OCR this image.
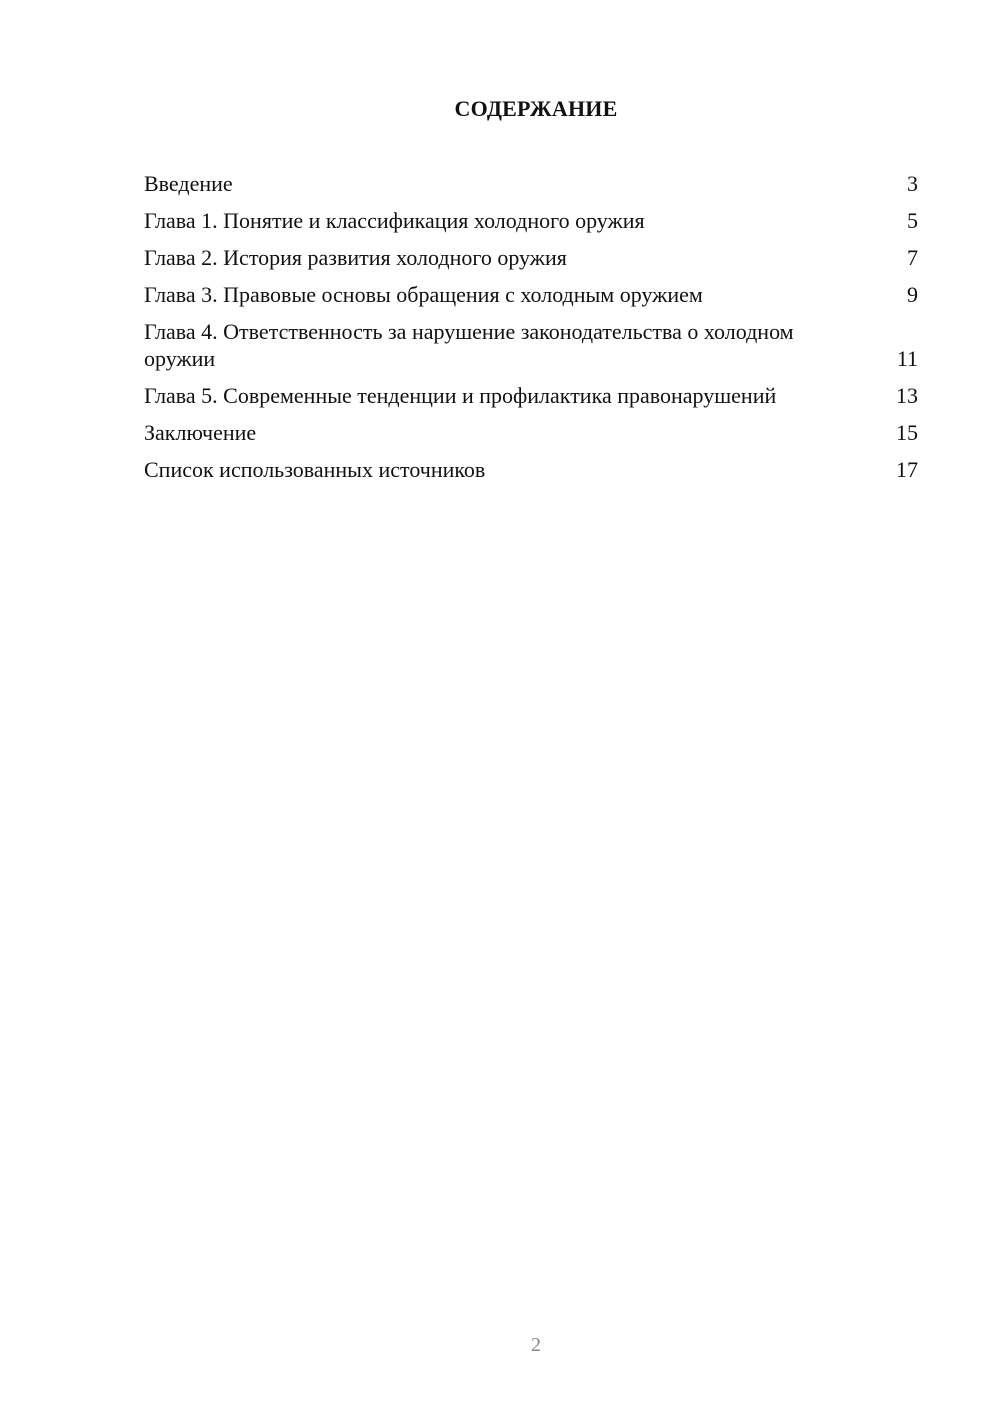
СОДЕРЖАНИЕ
Введение	3
Глава 1. Понятие и классификация холодного оружия	5
Глава 2. История развития холодного оружия	7
Глава 3. Правовые основы обращения с холодным оружием	9
Глава 4. Ответственность за нарушение законодательства о холодном оружии	11
Глава 5. Современные тенденции и профилактика правонарушений	13
Заключение	15
Список использованных источников	17
2
